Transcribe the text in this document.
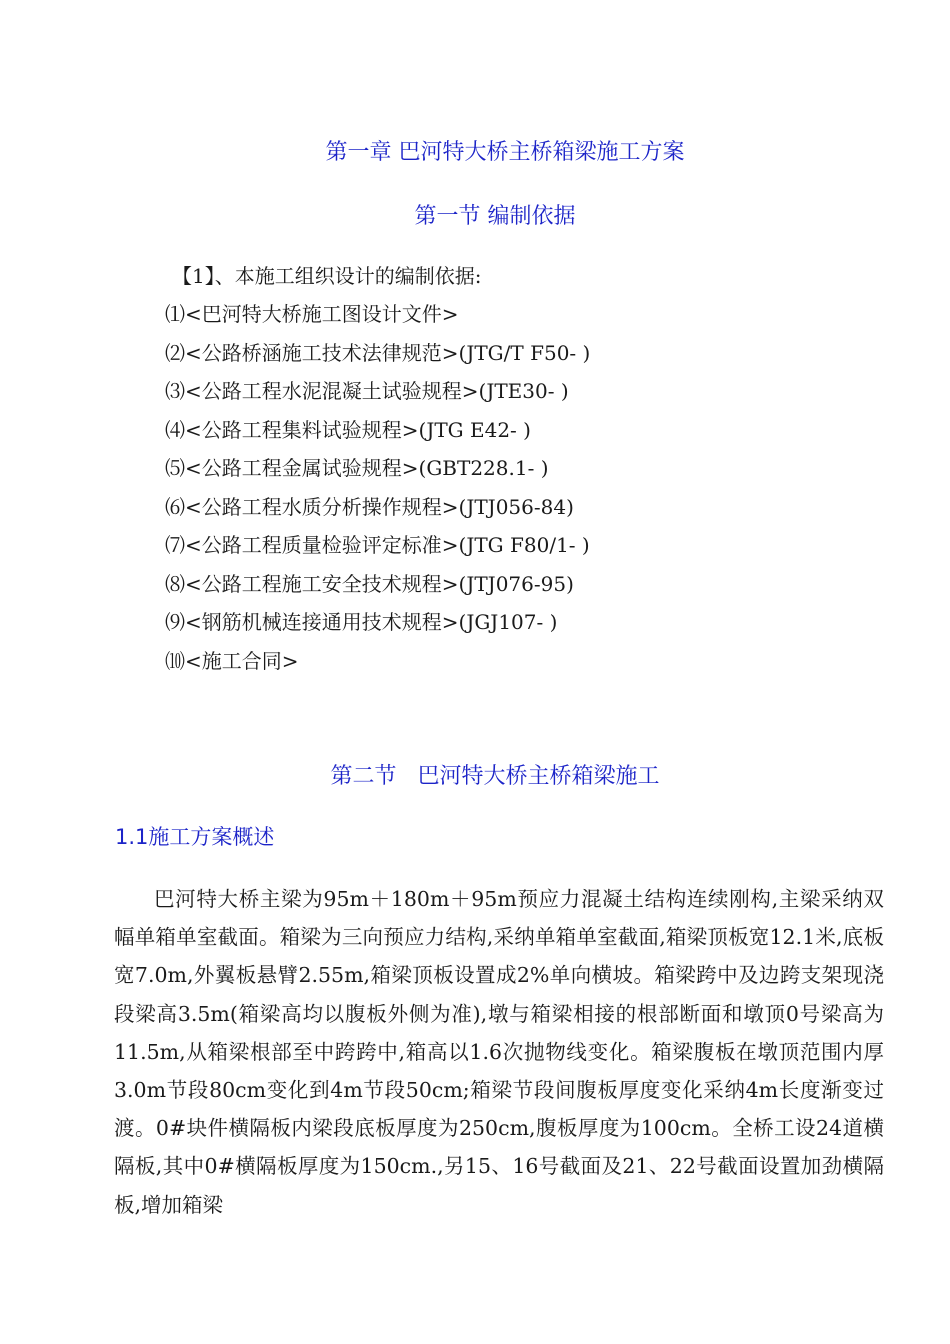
第一章 巴河特大桥主桥箱梁施工方案
第一节 编制依据
【1】、本施工组织设计的编制依据:
⑴<巴河特大桥施工图设计文件>
⑵<公路桥涵施工技术法律规范>(JTG/T F50- )
⑶<公路工程水泥混凝土试验规程>(JTE30- )
⑷<公路工程集料试验规程>(JTG E42- )
⑸<公路工程金属试验规程>(GBT228.1- )
⑹<公路工程水质分析操作规程>(JTJ056-84)
⑺<公路工程质量检验评定标准>(JTG F80/1- )
⑻<公路工程施工安全技术规程>(JTJ076-95)
⑼<钢筋机械连接通用技术规程>(JGJ107- )
⑽<施工合同>
第二节   巴河特大桥主桥箱梁施工
1.1施工方案概述

巴河特大桥主梁为95m＋180m＋95m预应力混凝土结构连续刚构,主梁采纳双幅单箱单室截面。箱梁为三向预应力结构,采纳单箱单室截面,箱梁顶板宽12.1米,底板宽7.0m,外翼板悬臂2.55m,箱梁顶板设置成2%单向横坡。箱梁跨中及边跨支架现浇段梁高3.5m(箱梁高均以腹板外侧为准),墩与箱梁相接的根部断面和墩顶0号梁高为11.5m,从箱梁根部至中跨跨中,箱高以1.6次抛物线变化。箱梁腹板在墩顶范围内厚3.0m节段80cm变化到4m节段50cm;箱梁节段间腹板厚度变化采纳4m长度渐变过渡。0#块件横隔板内梁段底板厚度为250cm,腹板厚度为100cm。全桥工设24道横隔板,其中0#横隔板厚度为150cm.,另15、16号截面及21、22号截面设置加劲横隔板,增加箱梁
